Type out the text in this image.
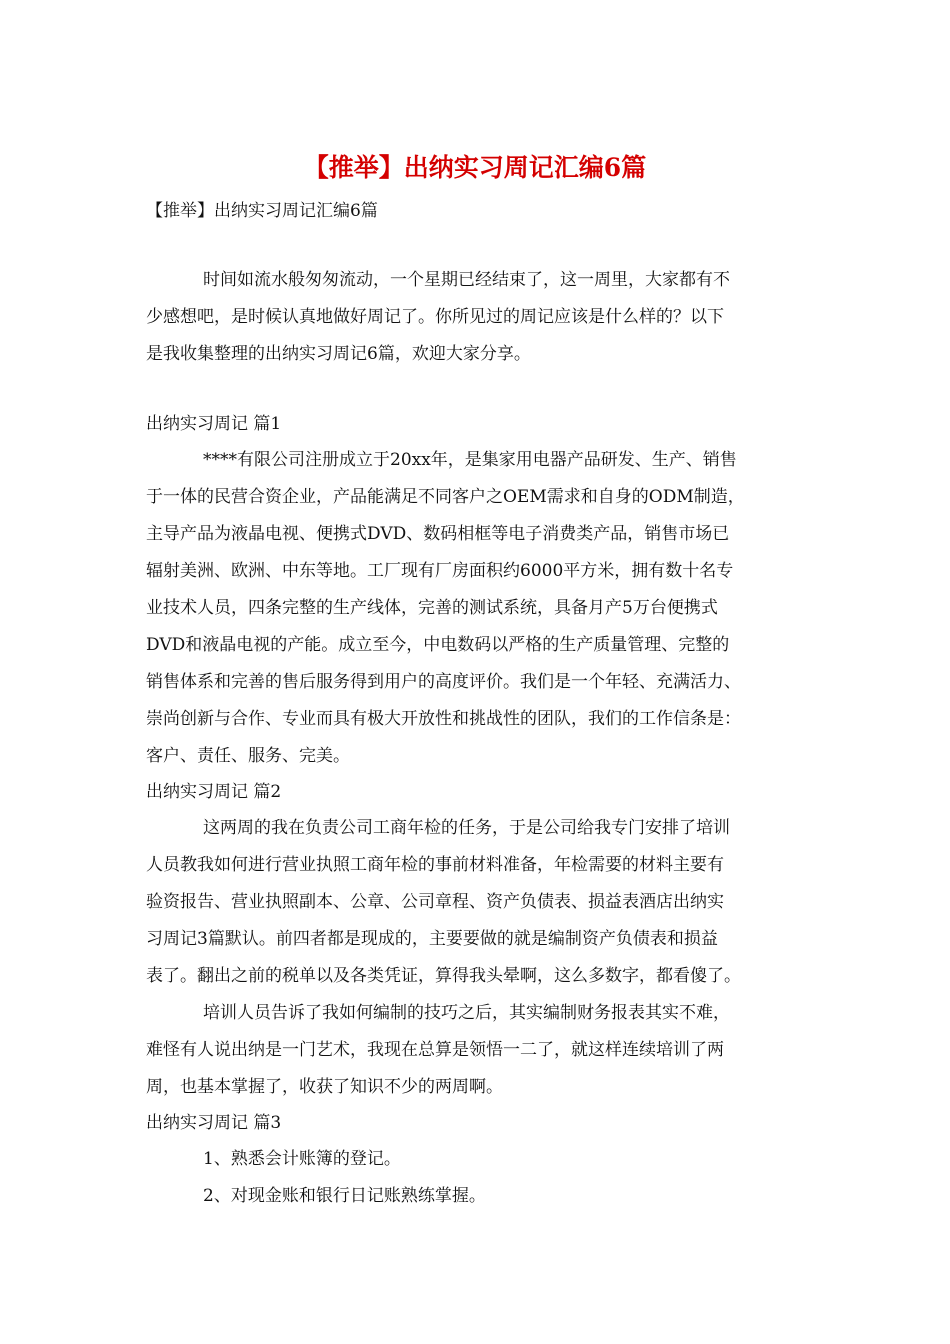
【推举】出纳实习周记汇编6篇
【推举】出纳实习周记汇编6篇
时间如流水般匆匆流动，一个星期已经结束了，这一周里，大家都有不
少感想吧，是时候认真地做好周记了。你所见过的周记应该是什么样的？以下
是我收集整理的出纳实习周记6篇，欢迎大家分享。
出纳实习周记 篇1
****有限公司注册成立于20xx年，是集家用电器产品研发、生产、销售
于一体的民营合资企业，产品能满足不同客户之OEM需求和自身的ODM制造，
主导产品为液晶电视、便携式DVD、数码相框等电子消费类产品，销售市场已
辐射美洲、欧洲、中东等地。工厂现有厂房面积约6000平方米，拥有数十名专
业技术人员，四条完整的生产线体，完善的测试系统，具备月产5万台便携式
DVD和液晶电视的产能。成立至今，中电数码以严格的生产质量管理、完整的
销售体系和完善的售后服务得到用户的高度评价。我们是一个年轻、充满活力、
崇尚创新与合作、专业而具有极大开放性和挑战性的团队，我们的工作信条是：
客户、责任、服务、完美。
出纳实习周记 篇2
这两周的我在负责公司工商年检的任务，于是公司给我专门安排了培训
人员教我如何进行营业执照工商年检的事前材料准备，年检需要的材料主要有
验资报告、营业执照副本、公章、公司章程、资产负债表、损益表酒店出纳实
习周记3篇默认。前四者都是现成的，主要要做的就是编制资产负债表和损益
表了。翻出之前的税单以及各类凭证，算得我头晕啊，这么多数字，都看傻了。
培训人员告诉了我如何编制的技巧之后，其实编制财务报表其实不难，
难怪有人说出纳是一门艺术，我现在总算是领悟一二了，就这样连续培训了两
周，也基本掌握了，收获了知识不少的两周啊。
出纳实习周记 篇3
1、熟悉会计账簿的登记。
2、对现金账和银行日记账熟练掌握。
